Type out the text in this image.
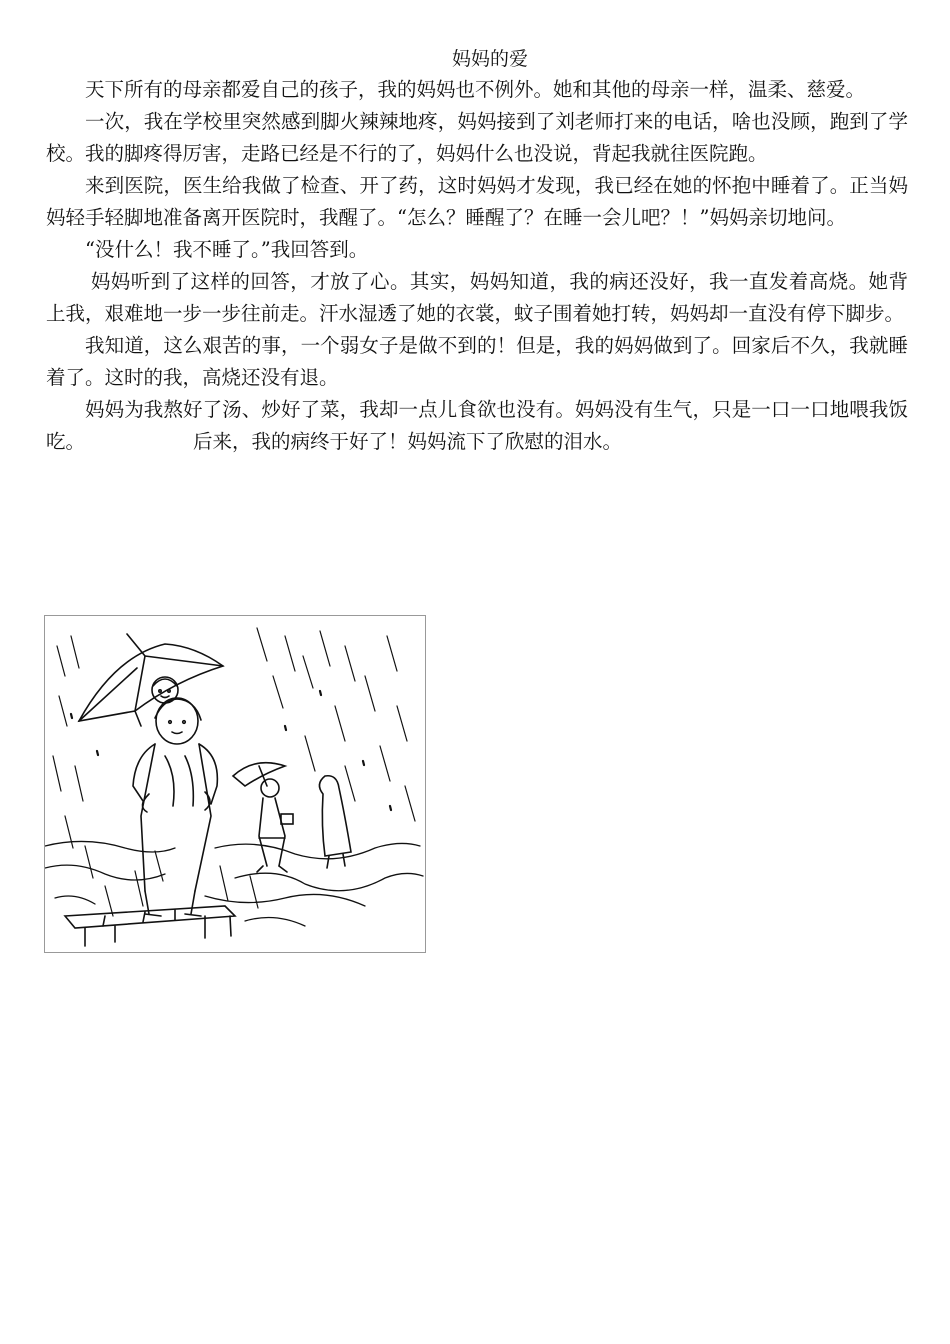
妈妈的爱

天下所有的母亲都爱自己的孩子，我的妈妈也不例外。她和其他的母亲一样，温柔、慈爱。

一次，我在学校里突然感到脚火辣辣地疼，妈妈接到了刘老师打来的电话，啥也没顾，跑到了学校。我的脚疼得厉害，走路已经是不行的了，妈妈什么也没说，背起我就往医院跑。

来到医院，医生给我做了检查、开了药，这时妈妈才发现，我已经在她的怀抱中睡着了。正当妈妈轻手轻脚地准备离开医院时，我醒了。“怎么？睡醒了？在睡一会儿吧？！”妈妈亲切地问。

“没什么！我不睡了。”我回答到。

妈妈听到了这样的回答，才放了心。其实，妈妈知道，我的病还没好，我一直发着高烧。她背上我，艰难地一步一步往前走。汗水湿透了她的衣裳，蚊子围着她打转，妈妈却一直没有停下脚步。

我知道，这么艰苦的事，一个弱女子是做不到的！但是，我的妈妈做到了。回家后不久，我就睡着了。这时的我，高烧还没有退。

妈妈为我熬好了汤、炒好了菜，我却一点儿食欲也没有。妈妈没有生气，只是一口一口地喂我饭吃。	后来，我的病终于好了！妈妈流下了欣慰的泪水。
